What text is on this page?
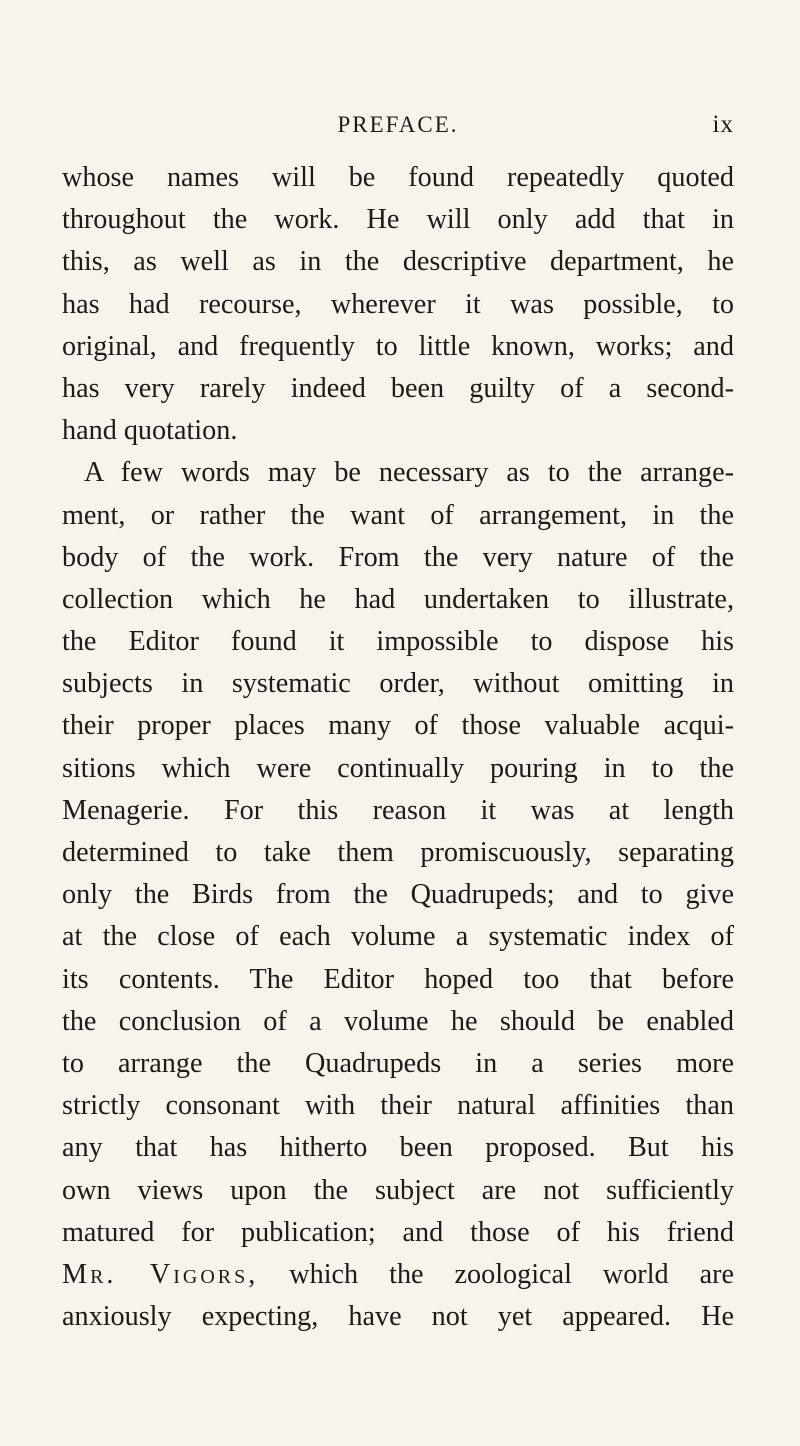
PREFACE.	ix
whose names will be found repeatedly quoted
throughout the work. He will only add that in
this, as well as in the descriptive department, he
has had recourse, wherever it was possible, to
original, and frequently to little known, works; and
has very rarely indeed been guilty of a second-
hand quotation.
A few words may be necessary as to the arrange-
ment, or rather the want of arrangement, in the
body of the work. From the very nature of the
collection which he had undertaken to illustrate,
the Editor found it impossible to dispose his
subjects in systematic order, without omitting in
their proper places many of those valuable acqui-
sitions which were continually pouring in to the
Menagerie. For this reason it was at length
determined to take them promiscuously, separating
only the Birds from the Quadrupeds; and to give
at the close of each volume a systematic index of
its contents. The Editor hoped too that before
the conclusion of a volume he should be enabled
to arrange the Quadrupeds in a series more
strictly consonant with their natural affinities than
any that has hitherto been proposed. But his
own views upon the subject are not sufficiently
matured for publication; and those of his friend
Mr. Vigors, which the zoological world are
anxiously expecting, have not yet appeared. He
